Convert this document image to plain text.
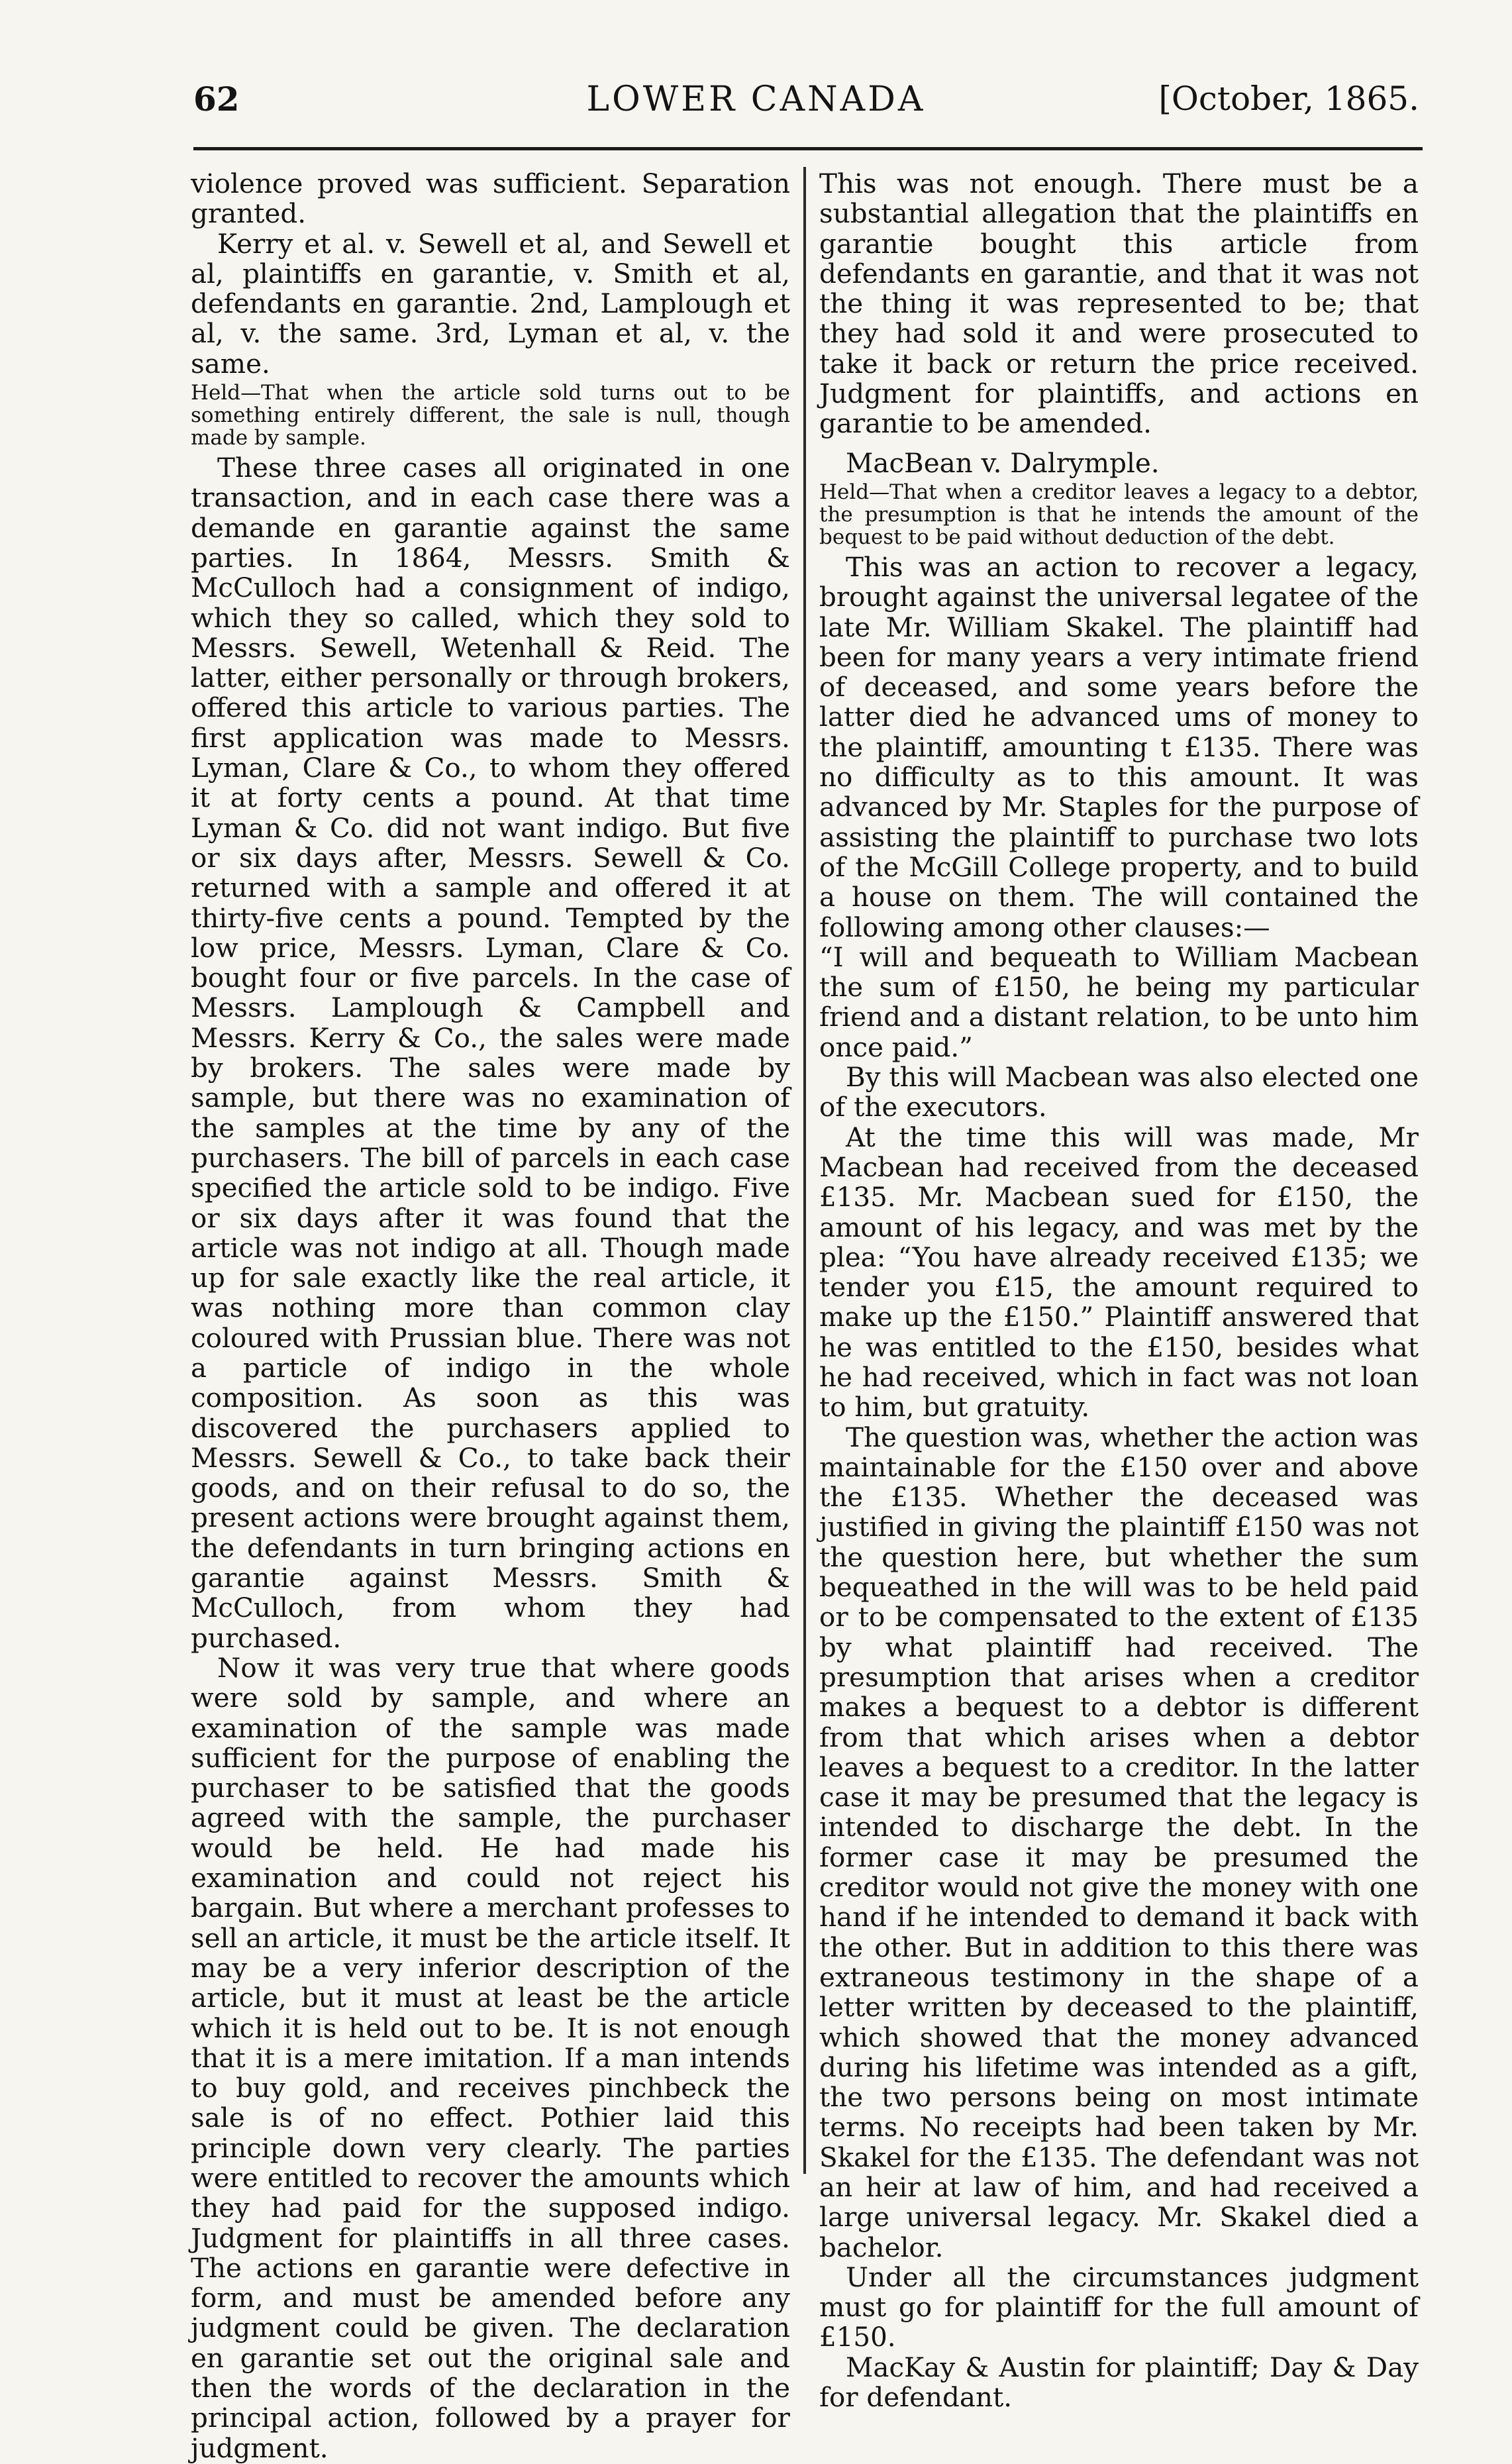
62	LOWER CANADA	[October, 1865.

violence proved was sufficient. Separation granted.

Kerry et al. v. Sewell et al, and Sewell et al, plaintiffs en garantie, v. Smith et al, defendants en garantie. 2nd, Lamplough et al, v. the same. 3rd, Lyman et al, v. the same.

Held—That when the article sold turns out to be something entirely different, the sale is null, though made by sample.

These three cases all originated in one transaction, and in each case there was a demande en garantie against the same parties. In 1864, Messrs. Smith & McCulloch had a consignment of indigo, which they so called, which they sold to Messrs. Sewell, Wetenhall & Reid. The latter, either personally or through brokers, offered this article to various parties. The first application was made to Messrs. Lyman, Clare & Co., to whom they offered it at forty cents a pound. At that time Lyman & Co. did not want indigo. But five or six days after, Messrs. Sewell & Co. returned with a sample and offered it at thirty-five cents a pound. Tempted by the low price, Messrs. Lyman, Clare & Co. bought four or five parcels. In the case of Messrs. Lamplough & Campbell and Messrs. Kerry & Co., the sales were made by brokers. The sales were made by sample, but there was no examination of the samples at the time by any of the purchasers. The bill of parcels in each case specified the article sold to be indigo. Five or six days after it was found that the article was not indigo at all. Though made up for sale exactly like the real article, it was nothing more than common clay coloured with Prussian blue. There was not a particle of indigo in the whole composition. As soon as this was discovered the purchasers applied to Messrs. Sewell & Co., to take back their goods, and on their refusal to do so, the present actions were brought against them, the defendants in turn bringing actions en garantie against Messrs. Smith & McCulloch, from whom they had purchased.

Now it was very true that where goods were sold by sample, and where an examination of the sample was made sufficient for the purpose of enabling the purchaser to be satisfied that the goods agreed with the sample, the purchaser would be held. He had made his examination and could not reject his bargain. But where a merchant professes to sell an article, it must be the article itself. It may be a very inferior description of the article, but it must at least be the article which it is held out to be. It is not enough that it is a mere imitation. If a man intends to buy gold, and receives pinchbeck the sale is of no effect. Pothier laid this principle down very clearly. The parties were entitled to recover the amounts which they had paid for the supposed indigo. Judgment for plaintiffs in all three cases. The actions en garantie were defective in form, and must be amended before any judgment could be given. The declaration en garantie set out the original sale and then the words of the declaration in the principal action, followed by a prayer for judgment.

This was not enough. There must be a substantial allegation that the plaintiffs en garantie bought this article from defendants en garantie, and that it was not the thing it was represented to be; that they had sold it and were prosecuted to take it back or return the price received. Judgment for plaintiffs, and actions en garantie to be amended.

MacBean v. Dalrymple.

Held—That when a creditor leaves a legacy to a debtor, the presumption is that he intends the amount of the bequest to be paid without deduction of the debt.

This was an action to recover a legacy, brought against the universal legatee of the late Mr. William Skakel. The plaintiff had been for many years a very intimate friend of deceased, and some years before the latter died he advanced ums of money to the plaintiff, amounting t £135. There was no difficulty as to this amount. It was advanced by Mr. Staples for the purpose of assisting the plaintiff to purchase two lots of the McGill College property, and to build a house on them. The will contained the following among other clauses:—

“I will and bequeath to William Macbean the sum of £150, he being my particular friend and a distant relation, to be unto him once paid.”

By this will Macbean was also elected one of the executors.

At the time this will was made, Mr Macbean had received from the deceased £135. Mr. Macbean sued for £150, the amount of his legacy, and was met by the plea: “You have already received £135; we tender you £15, the amount required to make up the £150.” Plaintiff answered that he was entitled to the £150, besides what he had received, which in fact was not loan to him, but gratuity.

The question was, whether the action was maintainable for the £150 over and above the £135. Whether the deceased was justified in giving the plaintiff £150 was not the question here, but whether the sum bequeathed in the will was to be held paid or to be compensated to the extent of £135 by what plaintiff had received. The presumption that arises when a creditor makes a bequest to a debtor is different from that which arises when a debtor leaves a bequest to a creditor. In the latter case it may be presumed that the legacy is intended to discharge the debt. In the former case it may be presumed the creditor would not give the money with one hand if he intended to demand it back with the other. But in addition to this there was extraneous testimony in the shape of a letter written by deceased to the plaintiff, which showed that the money advanced during his lifetime was intended as a gift, the two persons being on most intimate terms. No receipts had been taken by Mr. Skakel for the £135. The defendant was not an heir at law of him, and had received a large universal legacy. Mr. Skakel died a bachelor.

Under all the circumstances judgment must go for plaintiff for the full amount of £150.

MacKay & Austin for plaintiff; Day & Day for defendant.
